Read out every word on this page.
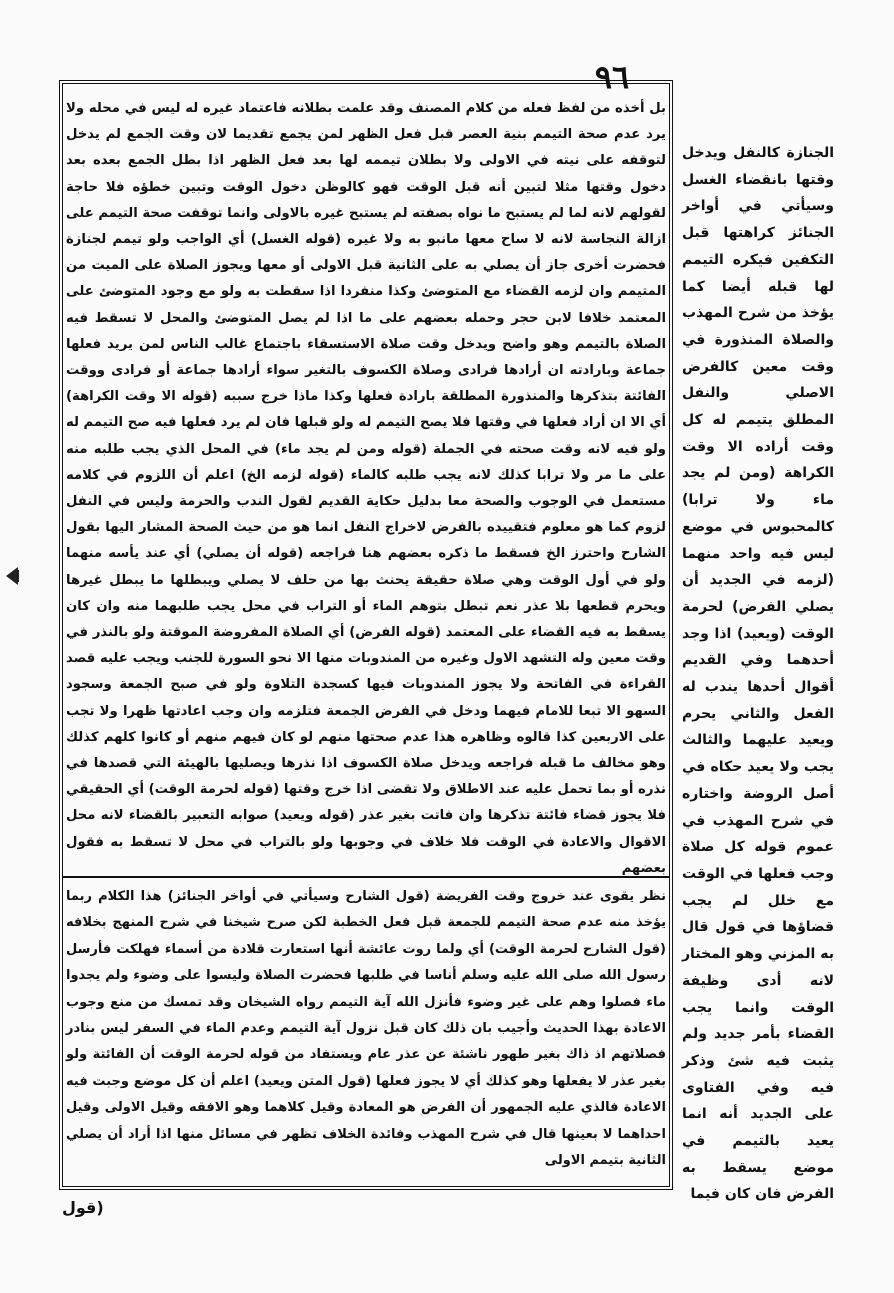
٩٦

بل أخذه من لفظ فعله من كلام المصنف وقد علمت بطلانه فاعتماد غيره له ليس في محله ولا يرد عدم صحة التيمم بنية العصر قبل فعل الظهر لمن يجمع تقديما لان وقت الجمع لم يدخل لتوقفه على نيته في الاولى ولا بطلان تيممه لها بعد فعل الظهر اذا بطل الجمع بعده بعد دخول وقتها مثلا لتبين أنه قبل الوقت فهو كالوظن دخول الوقت وتبين خطؤه فلا حاجة لقولهم لانه لما لم يستبح ما نواه بصفته لم يستبح غيره بالاولى وانما توقفت صحة التيمم على ازالة النجاسة لانه لا ساح معها مانبو به ولا غيره (قوله الغسل) أي الواجب ولو تيمم لجنازة فحضرت أخرى جاز أن يصلي به على الثانية قبل الاولى أو معها ويجوز الصلاة على الميت من المتيمم وان لزمه القضاء مع المتوضئ وكذا منفردا اذا سقطت به ولو مع وجود المتوضئ على المعتمد خلافا لابن حجر وحمله بعضهم على ما اذا لم يصل المتوضئ والمحل لا تسقط فيه الصلاة بالتيمم وهو واضح ويدخل وقت صلاة الاستسقاء باجتماع غالب الناس لمن يريد فعلها جماعة وبارادته ان أرادها فرادى وصلاة الكسوف بالتغير سواء أرادها جماعة أو فرادى ووقت الفائتة بتذكرها والمنذورة المطلقة بارادة فعلها وكذا ماذا خرج سببه (قوله الا وقت الكراهة) أي الا ان أراد فعلها في وقتها فلا يصح التيمم له ولو قبلها فان لم يرد فعلها فيه صح التيمم له ولو فيه لانه وقت صحته في الجملة (قوله ومن لم يجد ماء) في المحل الذي يجب طلبه منه على ما مر ولا ترابا كذلك لانه يجب طلبه كالماء (قوله لزمه الخ) اعلم أن اللزوم في كلامه مستعمل في الوجوب والصحة معا بدليل حكاية القديم لقول الندب والحرمة وليس في النفل لزوم كما هو معلوم فتقييده بالفرض لاخراج النفل انما هو من حيث الصحة المشار اليها بقول الشارح واحترز الخ فسقط ما ذكره بعضهم هنا فراجعه (قوله أن يصلي) أي عند يأسه منهما ولو في أول الوقت وهي صلاة حقيقة يحنث بها من حلف لا يصلي ويبطلها ما يبطل غيرها ويحرم قطعها بلا عذر نعم تبطل بتوهم الماء أو التراب في محل يجب طلبهما منه وان كان يسقط به فيه القضاء على المعتمد (قوله الفرض) أي الصلاة المفروضة الموقتة ولو بالنذر في وقت معين وله التشهد الاول وغيره من المندوبات منها الا نحو السورة للجنب ويجب عليه قصد القراءة في الفاتحة ولا يجوز المندوبات فيها كسجدة التلاوة ولو في صبح الجمعة وسجود السهو الا تبعا للامام فيهما ودخل في الفرض الجمعة فتلزمه وان وجب اعادتها ظهرا ولا تجب على الاربعين كذا قالوه وظاهره هذا عدم صحتها منهم لو كان فيهم منهم أو كانوا كلهم كذلك وهو مخالف ما قبله فراجعه ويدخل صلاة الكسوف اذا نذرها ويصليها بالهيئة التي قصدها في نذره أو بما تحمل عليه عند الاطلاق ولا تقضى اذا خرج وقتها (قوله لحرمة الوقت) أي الحقيقي فلا يجوز قضاء فائتة تذكرها وان فاتت بغير عذر (قوله ويعيد) صوابه التعبير بالقضاء لانه محل الاقوال والاعادة في الوقت فلا خلاف في وجوبها ولو بالتراب في محل لا تسقط به فقول بعضهم

نظر يقوى عند خروج وقت الفريضة (قول الشارح وسيأتي في أواخر الجنائز) هذا الكلام ربما يؤخذ منه عدم صحة التيمم للجمعة قبل فعل الخطبة لكن صرح شيخنا في شرح المنهج بخلافه (قول الشارح لحرمة الوقت) أي ولما روت عائشة أنها استعارت قلادة من أسماء فهلكت فأرسل رسول الله صلى الله عليه وسلم أناسا في طلبها فحضرت الصلاة وليسوا على وضوء ولم يجدوا ماء فصلوا وهم على غير وضوء فأنزل الله آية التيمم رواه الشيخان وقد تمسك من منع وجوب الاعادة بهذا الحديث وأجيب بان ذلك كان قبل نزول آية التيمم وعدم الماء في السفر ليس بنادر فصلاتهم اذ ذاك بغير طهور ناشئة عن عذر عام ويستفاد من قوله لحرمة الوقت أن الفائتة ولو بغير عذر لا يفعلها وهو كذلك أي لا يجوز فعلها (قول المتن ويعيد) اعلم أن كل موضع وجبت فيه الاعادة فالذي عليه الجمهور أن الفرض هو المعادة وقيل كلاهما وهو الافقه وقيل الاولى وقيل احداهما لا بعينها قال في شرح المهذب وفائدة الخلاف تظهر في مسائل منها اذا أراد أن يصلي الثانية بتيمم الاولى

الجنازة كالنفل ويدخل وقتها بانقضاء الغسل وسيأتي في أواخر الجنائز كراهتها قبل التكفين فيكره التيمم لها قبله أيضا كما يؤخذ من شرح المهذب والصلاة المنذورة في وقت معين كالفرض الاصلي والنفل المطلق يتيمم له كل وقت أراده الا وقت الكراهة (ومن لم يجد ماء ولا ترابا) كالمحبوس في موضع ليس فيه واحد منهما (لزمه في الجديد أن يصلي الفرض) لحرمة الوقت (ويعيد) اذا وجد أحدهما وفي القديم أقوال أحدها يندب له الفعل والثاني يحرم ويعيد عليهما والثالث يجب ولا يعيد حكاه في أصل الروضة واختاره في شرح المهذب في عموم قوله كل صلاة وجب فعلها في الوقت مع خلل لم يجب قضاؤها في قول قال به المزني وهو المختار لانه أدى وظيفة الوقت وانما يجب القضاء بأمر جديد ولم يثبت فيه شئ وذكر فيه وفي الفتاوى على الجديد أنه انما يعيد بالتيمم في موضع يسقط به الفرض فان كان فيما

(قول
